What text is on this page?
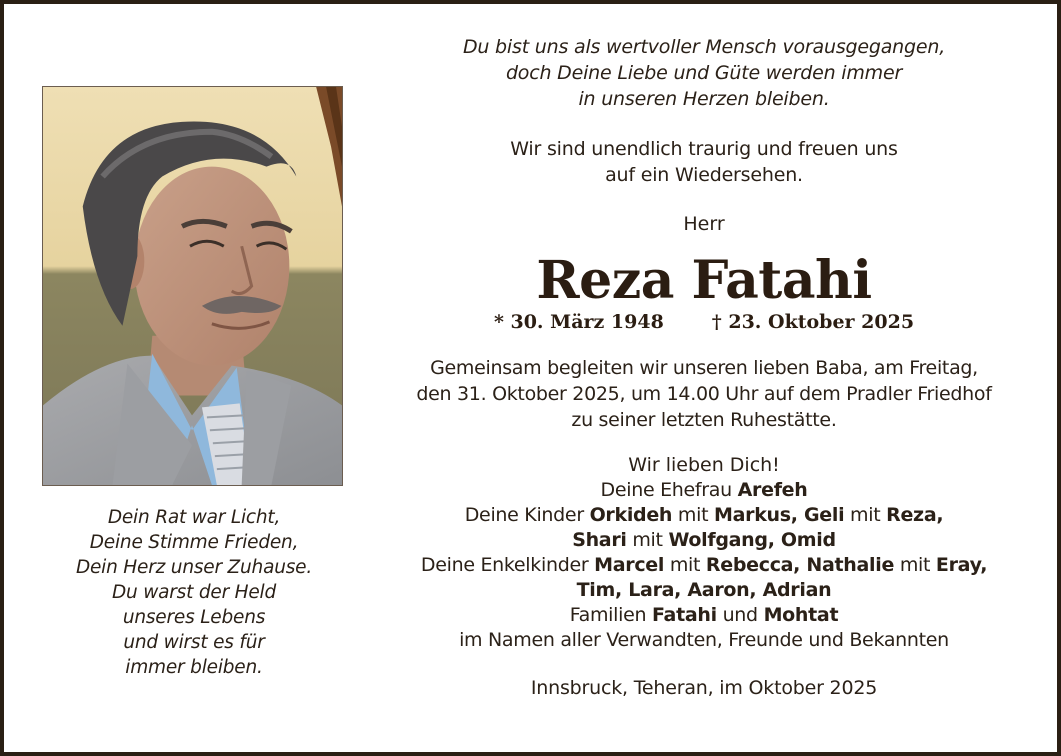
Dein Rat war Licht,
Deine Stimme Frieden,
Dein Herz unser Zuhause.
Du warst der Held
unseres Lebens
und wirst es für
immer bleiben.
Du bist uns als wertvoller Mensch vorausgegangen,
doch Deine Liebe und Güte werden immer
in unseren Herzen bleiben.
Wir sind unendlich traurig und freuen uns
auf ein Wiedersehen.
Herr
Reza Fatahi
* 30. März 1948	† 23. Oktober 2025
Gemeinsam begleiten wir unseren lieben Baba, am Freitag,
den 31. Oktober 2025, um 14.00 Uhr auf dem Pradler Friedhof
zu seiner letzten Ruhestätte.
Wir lieben Dich!
Deine Ehefrau Arefeh
Deine Kinder Orkideh mit Markus, Geli mit Reza,
Shari mit Wolfgang, Omid
Deine Enkelkinder Marcel mit Rebecca, Nathalie mit Eray,
Tim, Lara, Aaron, Adrian
Familien Fatahi und Mohtat
im Namen aller Verwandten, Freunde und Bekannten
Innsbruck, Teheran, im Oktober 2025
